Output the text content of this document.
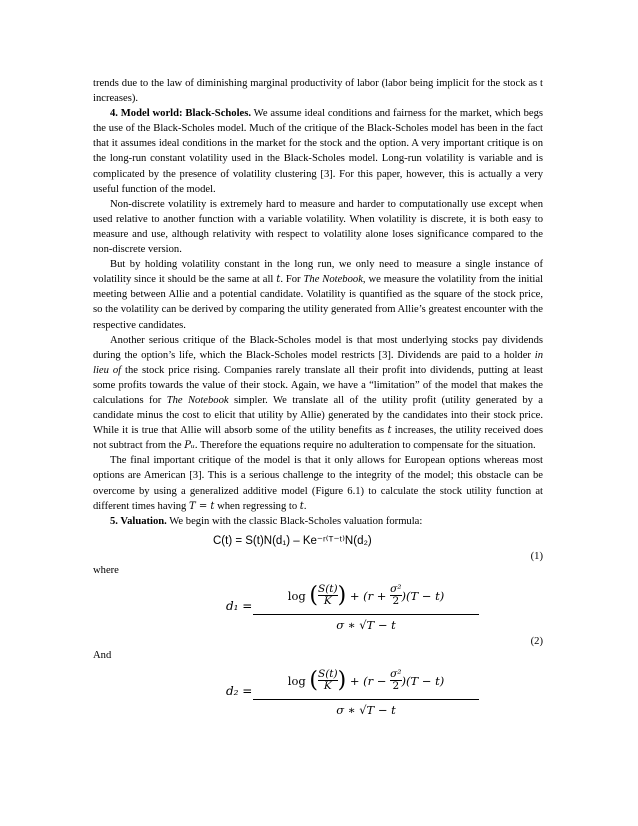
trends due to the law of diminishing marginal productivity of labor (labor being implicit for the stock as t increases).

4. Model world: Black-Scholes. We assume ideal conditions and fairness for the market, which begs the use of the Black-Scholes model. Much of the critique of the Black-Scholes model has been in the fact that it assumes ideal conditions in the market for the stock and the option. A very important critique is on the long-run constant volatility used in the Black-Scholes model. Long-run volatility is variable and is complicated by the presence of volatility clustering [3]. For this paper, however, this is actually a very useful function of the model.

Non-discrete volatility is extremely hard to measure and harder to computationally use except when used relative to another function with a variable volatility. When volatility is discrete, it is both easy to measure and use, although relativity with respect to volatility alone loses significance compared to the non-discrete version.

But by holding volatility constant in the long run, we only need to measure a single instance of volatility since it should be the same at all t. For The Notebook, we measure the volatility from the initial meeting between Allie and a potential candidate. Volatility is quantified as the square of the stock price, so the volatility can be derived by comparing the utility generated from Allie’s greatest encounter with the respective candidates.

Another serious critique of the Black-Scholes model is that most underlying stocks pay dividends during the option’s life, which the Black-Scholes model restricts [3]. Dividends are paid to a holder in lieu of the stock price rising. Companies rarely translate all their profit into dividends, putting at least some profits towards the value of their stock. Again, we have a “limitation” of the model that makes the calculations for The Notebook simpler. We translate all of the utility profit (utility generated by a candidate minus the cost to elicit that utility by Allie) generated by the candidates into their stock price. While it is true that Allie will absorb some of the utility benefits as t increases, the utility received does not subtract from the Pᵤ. Therefore the equations require no adulteration to compensate for the situation.

The final important critique of the model is that it only allows for European options whereas most options are American [3]. This is a serious challenge to the integrity of the model; this obstacle can be overcome by using a generalized additive model (Figure 6.1) to calculate the stock utility function at different times having T = t when regressing to t.

5. Valuation. We begin with the classic Black-Scholes valuation formula:

C(t) = S(t)N(d₁) – Ke⁻ʳ⁽ᵀ⁻ᵗ⁾N(d₂)
(1)
where
d₁ =
log
( S(t)
K )
+ (r +
σ²
2 )(T − t)
σ ∗ √T − t
(2)
And
d₂ =
log
( S(t)
K )
+ (r −
σ²
2 )(T − t)
σ ∗ √T − t
